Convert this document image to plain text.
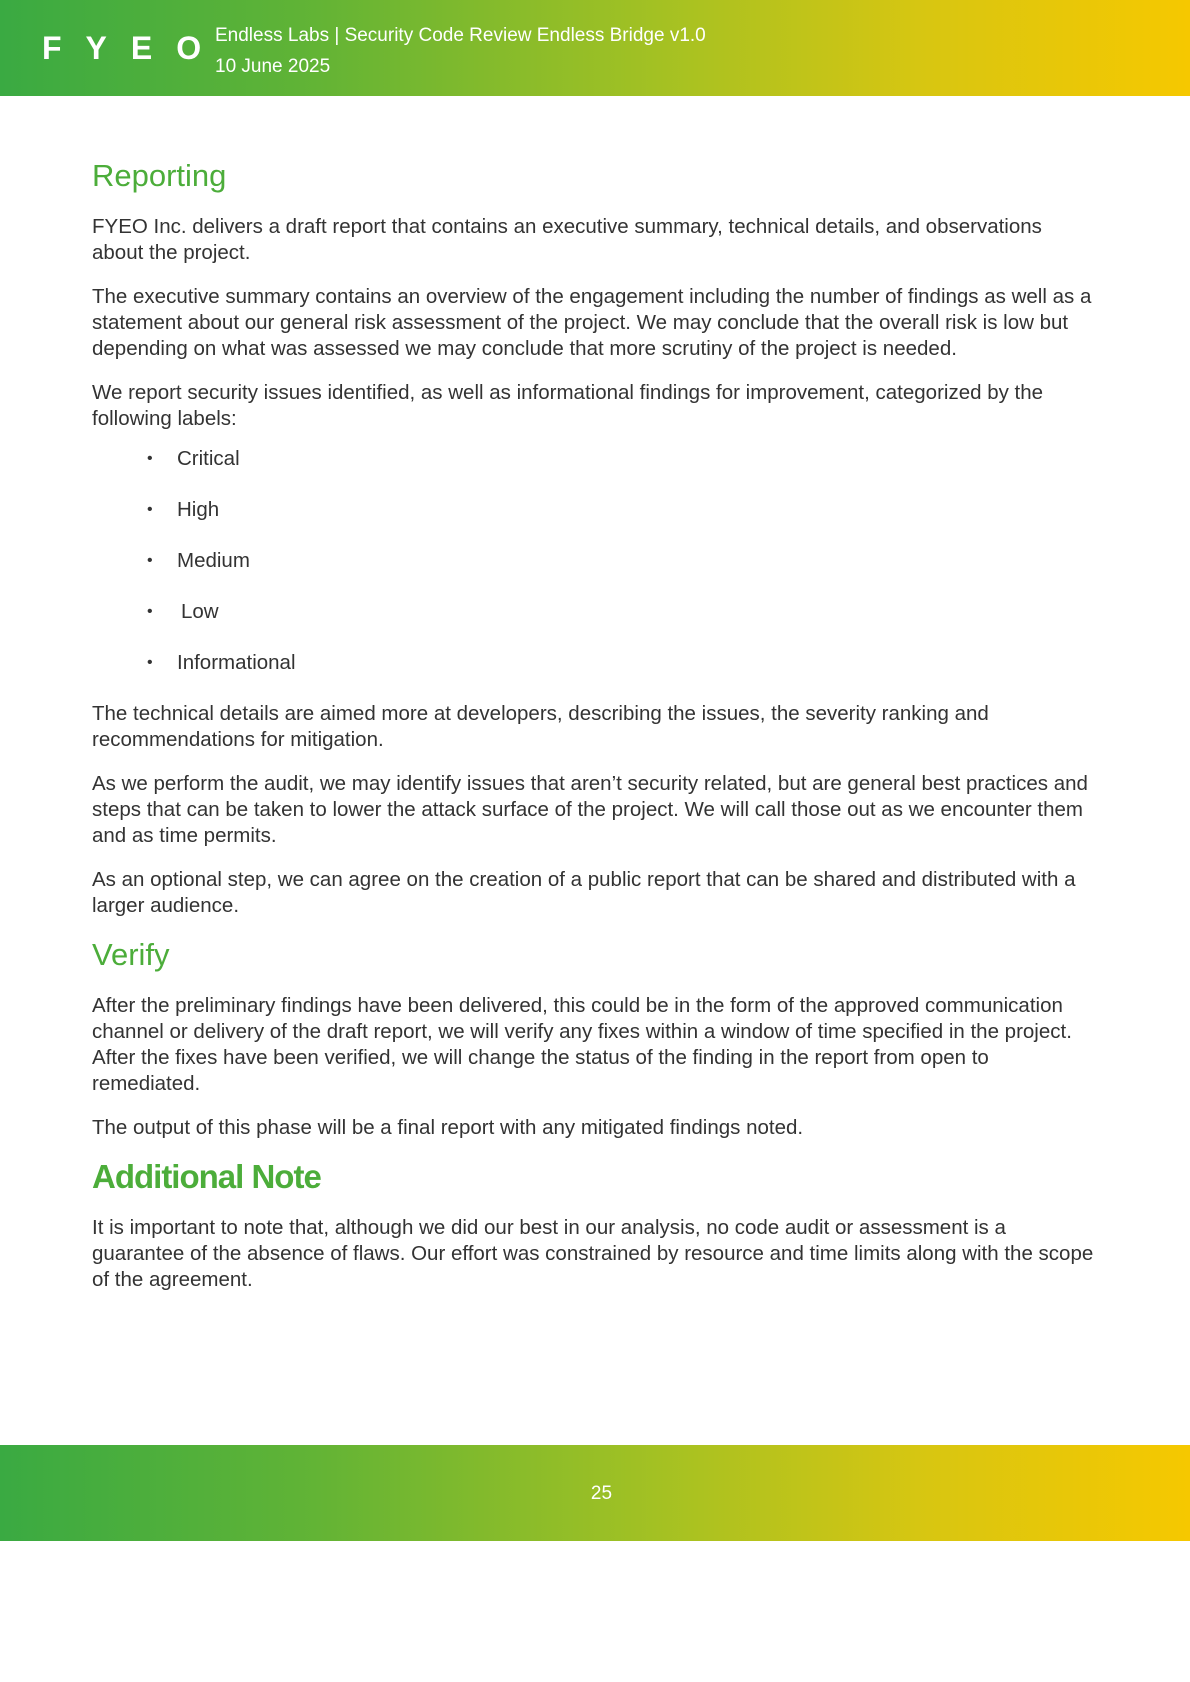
FYEO
Endless Labs | Security Code Review Endless Bridge v1.0
10 June 2025
Reporting

FYEO Inc. delivers a draft report that contains an executive summary, technical details, and observations about the project.

The executive summary contains an overview of the engagement including the number of findings as well as a statement about our general risk assessment of the project. We may conclude that the overall risk is low but depending on what was assessed we may conclude that more scrutiny of the project is needed.

We report security issues identified, as well as informational findings for improvement, categorized by the following labels:

• Critical
• High
• Medium
• Low
• Informational

The technical details are aimed more at developers, describing the issues, the severity ranking and recommendations for mitigation.

As we perform the audit, we may identify issues that aren’t security related, but are general best practices and steps that can be taken to lower the attack surface of the project. We will call those out as we encounter them and as time permits.

As an optional step, we can agree on the creation of a public report that can be shared and distributed with a larger audience.

Verify

After the preliminary findings have been delivered, this could be in the form of the approved communication channel or delivery of the draft report, we will verify any fixes within a window of time specified in the project. After the fixes have been verified, we will change the status of the finding in the report from open to remediated.

The output of this phase will be a final report with any mitigated findings noted.

Additional Note

It is important to note that, although we did our best in our analysis, no code audit or assessment is a guarantee of the absence of flaws. Our effort was constrained by resource and time limits along with the scope of the agreement.

25
